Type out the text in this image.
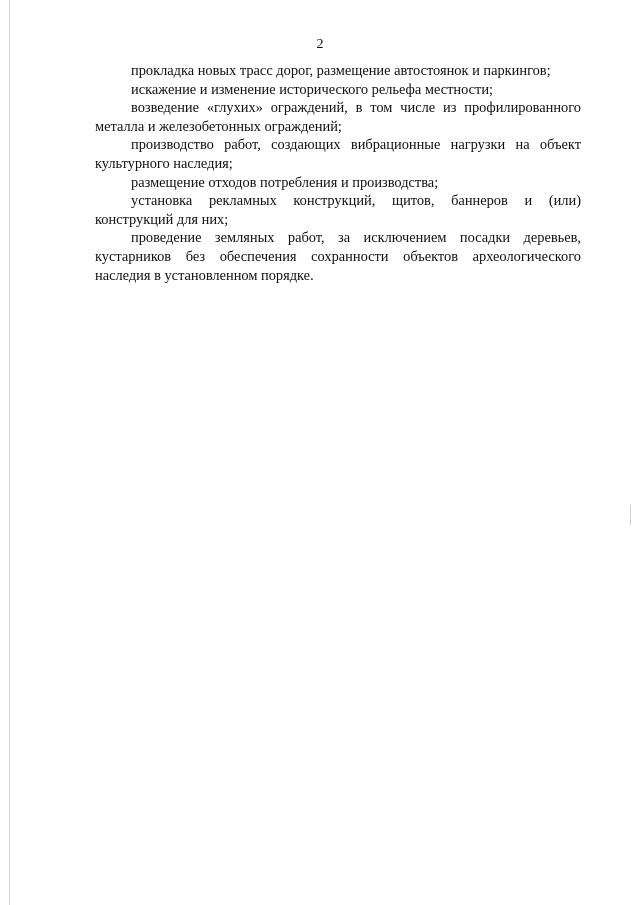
2

прокладка новых трасс дорог, размещение автостоянок и паркингов;

искажение и изменение исторического рельефа местности;

возведение «глухих» ограждений, в том числе из профилированного металла и железобетонных ограждений;

производство работ, создающих вибрационные нагрузки на объект культурного наследия;

размещение отходов потребления и производства;

установка рекламных конструкций, щитов, баннеров и (или) конструкций для них;

проведение земляных работ, за исключением посадки деревьев, кустарников без обеспечения сохранности объектов археологического наследия в установленном порядке.
